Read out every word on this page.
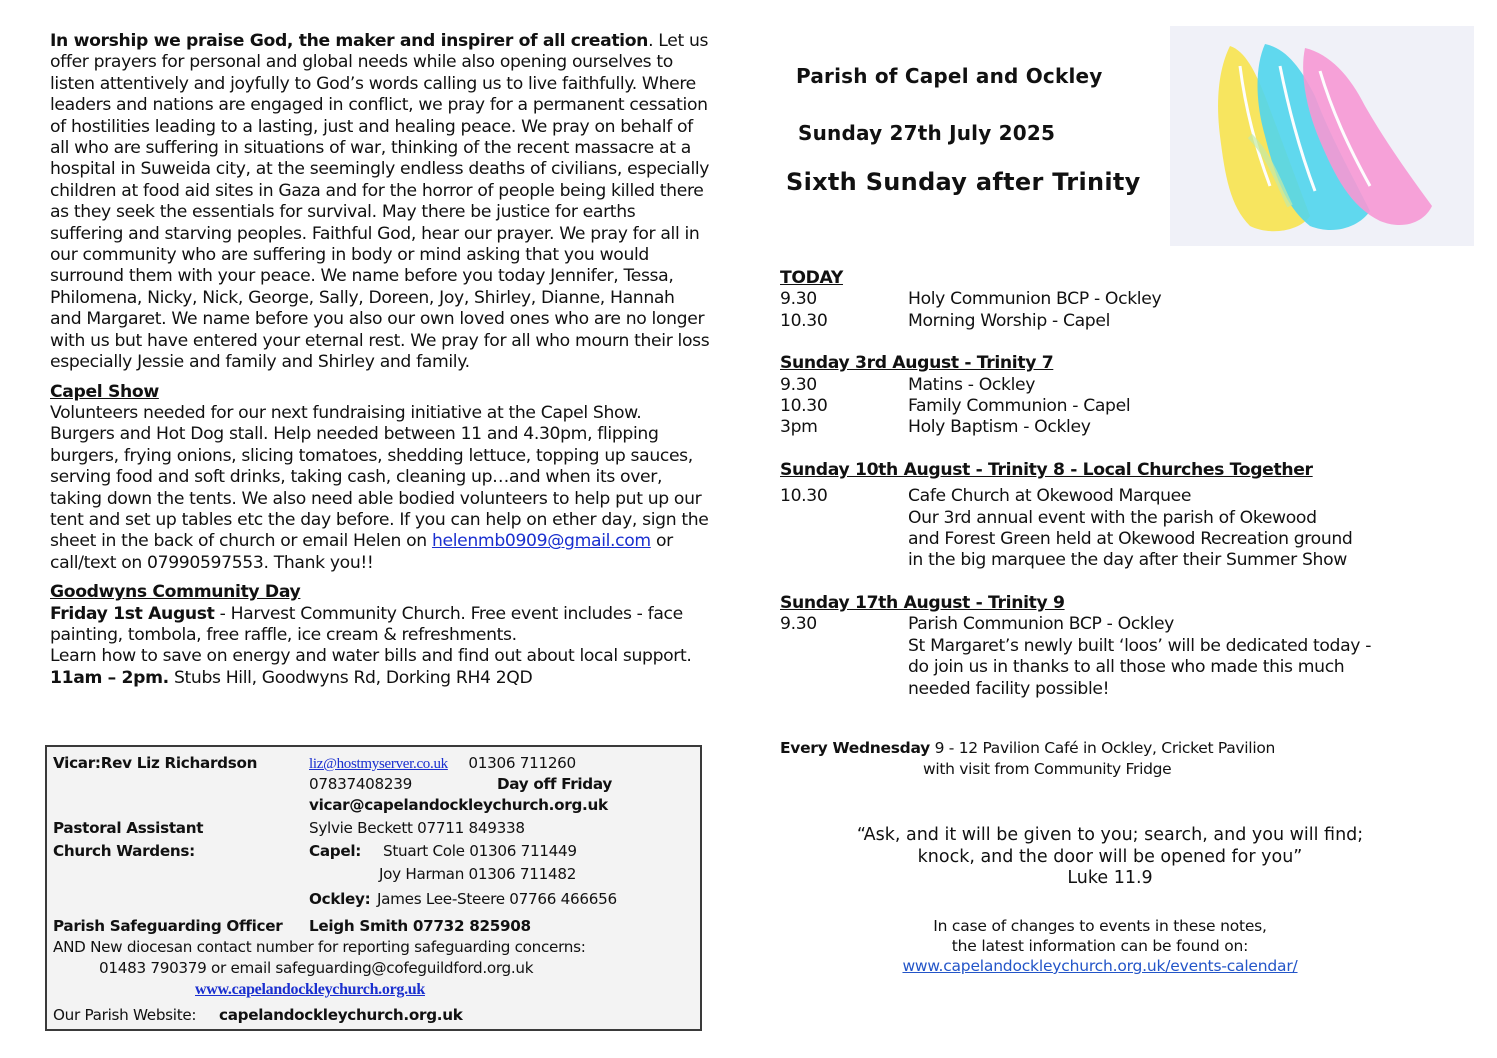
In worship we praise God, the maker and inspirer of all creation. Let us offer prayers for personal and global needs while also opening ourselves to listen attentively and joyfully to God’s words calling us to live faithfully. Where leaders and nations are engaged in conflict, we pray for a permanent cessation of hostilities leading to a lasting, just and healing peace. We pray on behalf of all who are suffering in situations of war, thinking of the recent massacre at a hospital in Suweida city, at the seemingly endless deaths of civilians, especially children at food aid sites in Gaza and for the horror of people being killed there as they seek the essentials for survival. May there be justice for earths suffering and starving peoples. Faithful God, hear our prayer. We pray for all in our community who are suffering in body or mind asking that you would surround them with your peace. We name before you today Jennifer, Tessa, Philomena, Nicky, Nick, George, Sally, Doreen, Joy, Shirley, Dianne, Hannah and Margaret. We name before you also our own loved ones who are no longer with us but have entered your eternal rest. We pray for all who mourn their loss especially Jessie and family and Shirley and family.

Capel Show
Volunteers needed for our next fundraising initiative at the Capel Show. Burgers and Hot Dog stall. Help needed between 11 and 4.30pm, flipping burgers, frying onions, slicing tomatoes, shedding lettuce, topping up sauces, serving food and soft drinks, taking cash, cleaning up…and when its over, taking down the tents. We also need able bodied volunteers to help put up our tent and set up tables etc the day before. If you can help on ether day, sign the sheet in the back of church or email Helen on helenmb0909@gmail.com or call/text on 07990597553. Thank you!!

Goodwyns Community Day
Friday 1st August - Harvest Community Church. Free event includes - face painting, tombola, free raffle, ice cream & refreshments.
Learn how to save on energy and water bills and find out about local support. 11am – 2pm. Stubs Hill, Goodwyns Rd, Dorking RH4 2QD

Vicar:Rev Liz Richardson	liz@hostmyserver.co.uk 01306 711260
07837408239	Day off Friday
vicar@capelandockleychurch.org.uk
Pastoral Assistant	Sylvie Beckett 07711 849338
Church Wardens:	Capel: Stuart Cole 01306 711449
Joy Harman 01306 711482
Ockley: James Lee-Steere 07766 466656
Parish Safeguarding Officer Leigh Smith 07732 825908
AND New diocesan contact number for reporting safeguarding concerns:
01483 790379 or email safeguarding@cofeguildford.org.uk
www.capelandockleychurch.org.uk
Our Parish Website: capelandockleychurch.org.uk
Parish of Capel and Ockley
Sunday 27th July 2025
Sixth Sunday after Trinity
TODAY
9.30	Holy Communion BCP - Ockley
10.30	Morning Worship - Capel
Sunday 3rd August - Trinity 7
9.30	Matins - Ockley
10.30	Family Communion - Capel
3pm	Holy Baptism - Ockley
Sunday 10th August - Trinity 8 - Local Churches Together
10.30	Cafe Church at Okewood Marquee
Our 3rd annual event with the parish of Okewood
and Forest Green held at Okewood Recreation ground
in the big marquee the day after their Summer Show
Sunday 17th August - Trinity 9
9.30	Parish Communion BCP - Ockley
St Margaret’s newly built ‘loos’ will be dedicated today -
do join us in thanks to all those who made this much
needed facility possible!
Every Wednesday 9 - 12 Pavilion Café in Ockley, Cricket Pavilion
with visit from Community Fridge
“Ask, and it will be given to you; search, and you will find;
knock, and the door will be opened for you”
Luke 11.9
In case of changes to events in these notes,
the latest information can be found on:
www.capelandockleychurch.org.uk/events-calendar/
